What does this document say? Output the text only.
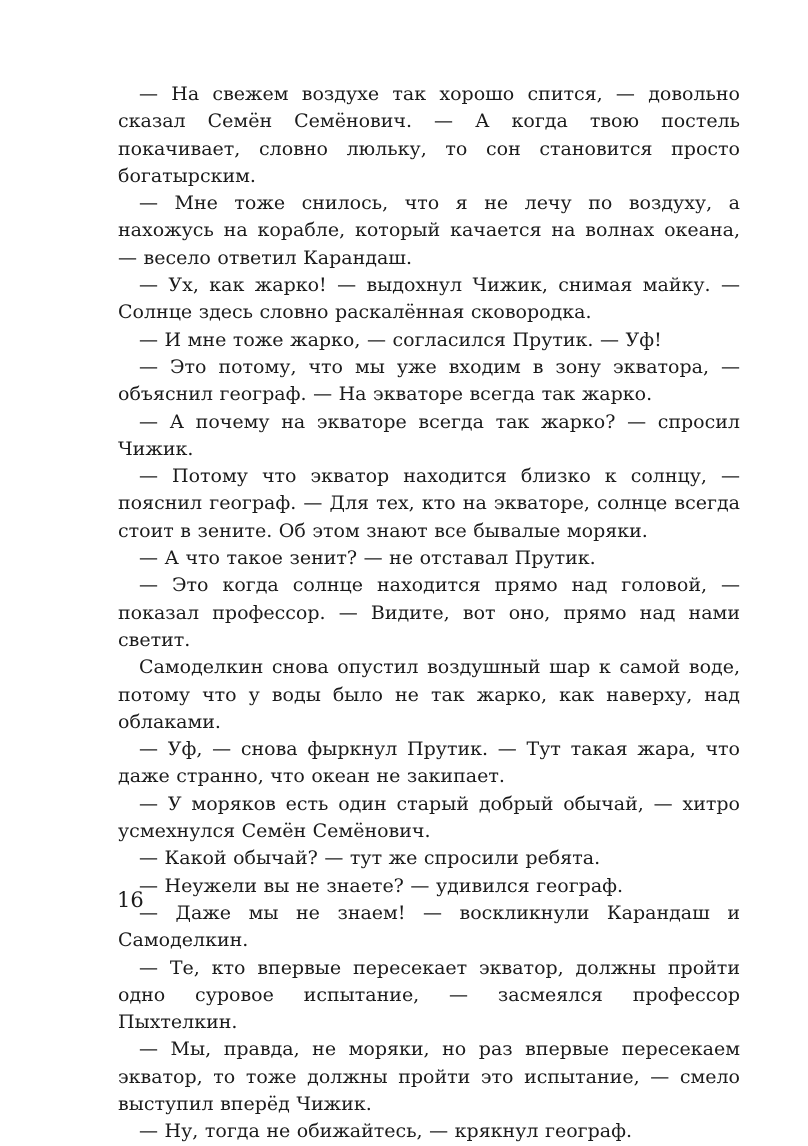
— На свежем воздухе так хорошо спится, — довольно сказал Семён Семёнович. — А когда твою постель покачивает, словно люльку, то сон становится просто богатырским.

— Мне тоже снилось, что я не лечу по воздуху, а нахожусь на корабле, который качается на волнах океана, — весело ответил Карандаш.

— Ух, как жарко! — выдохнул Чижик, снимая майку. — Солнце здесь словно раскалённая сковородка.

— И мне тоже жарко, — согласился Прутик. — Уф!

— Это потому, что мы уже входим в зону экватора, — объяснил географ. — На экваторе всегда так жарко.

— А почему на экваторе всегда так жарко? — спросил Чижик.

— Потому что экватор находится близко к солнцу, — пояснил географ. — Для тех, кто на экваторе, солнце всегда стоит в зените. Об этом знают все бывалые моряки.

— А что такое зенит? — не отставал Прутик.

— Это когда солнце находится прямо над головой, — показал профессор. — Видите, вот оно, прямо над нами светит.

Самоделкин снова опустил воздушный шар к самой воде, потому что у воды было не так жарко, как наверху, над облаками.

— Уф, — снова фыркнул Прутик. — Тут такая жара, что даже странно, что океан не закипает.

— У моряков есть один старый добрый обычай, — хитро усмехнулся Семён Семёнович.

— Какой обычай? — тут же спросили ребята.

— Неужели вы не знаете? — удивился географ.

— Даже мы не знаем! — воскликнули Карандаш и Самоделкин.

— Те, кто впервые пересекает экватор, должны пройти одно суровое испытание, — засмеялся профессор Пыхтелкин.

— Мы, правда, не моряки, но раз впервые пересекаем экватор, то тоже должны пройти это испытание, — смело выступил вперёд Чижик.

— Ну, тогда не обижайтесь, — крякнул географ.

16
